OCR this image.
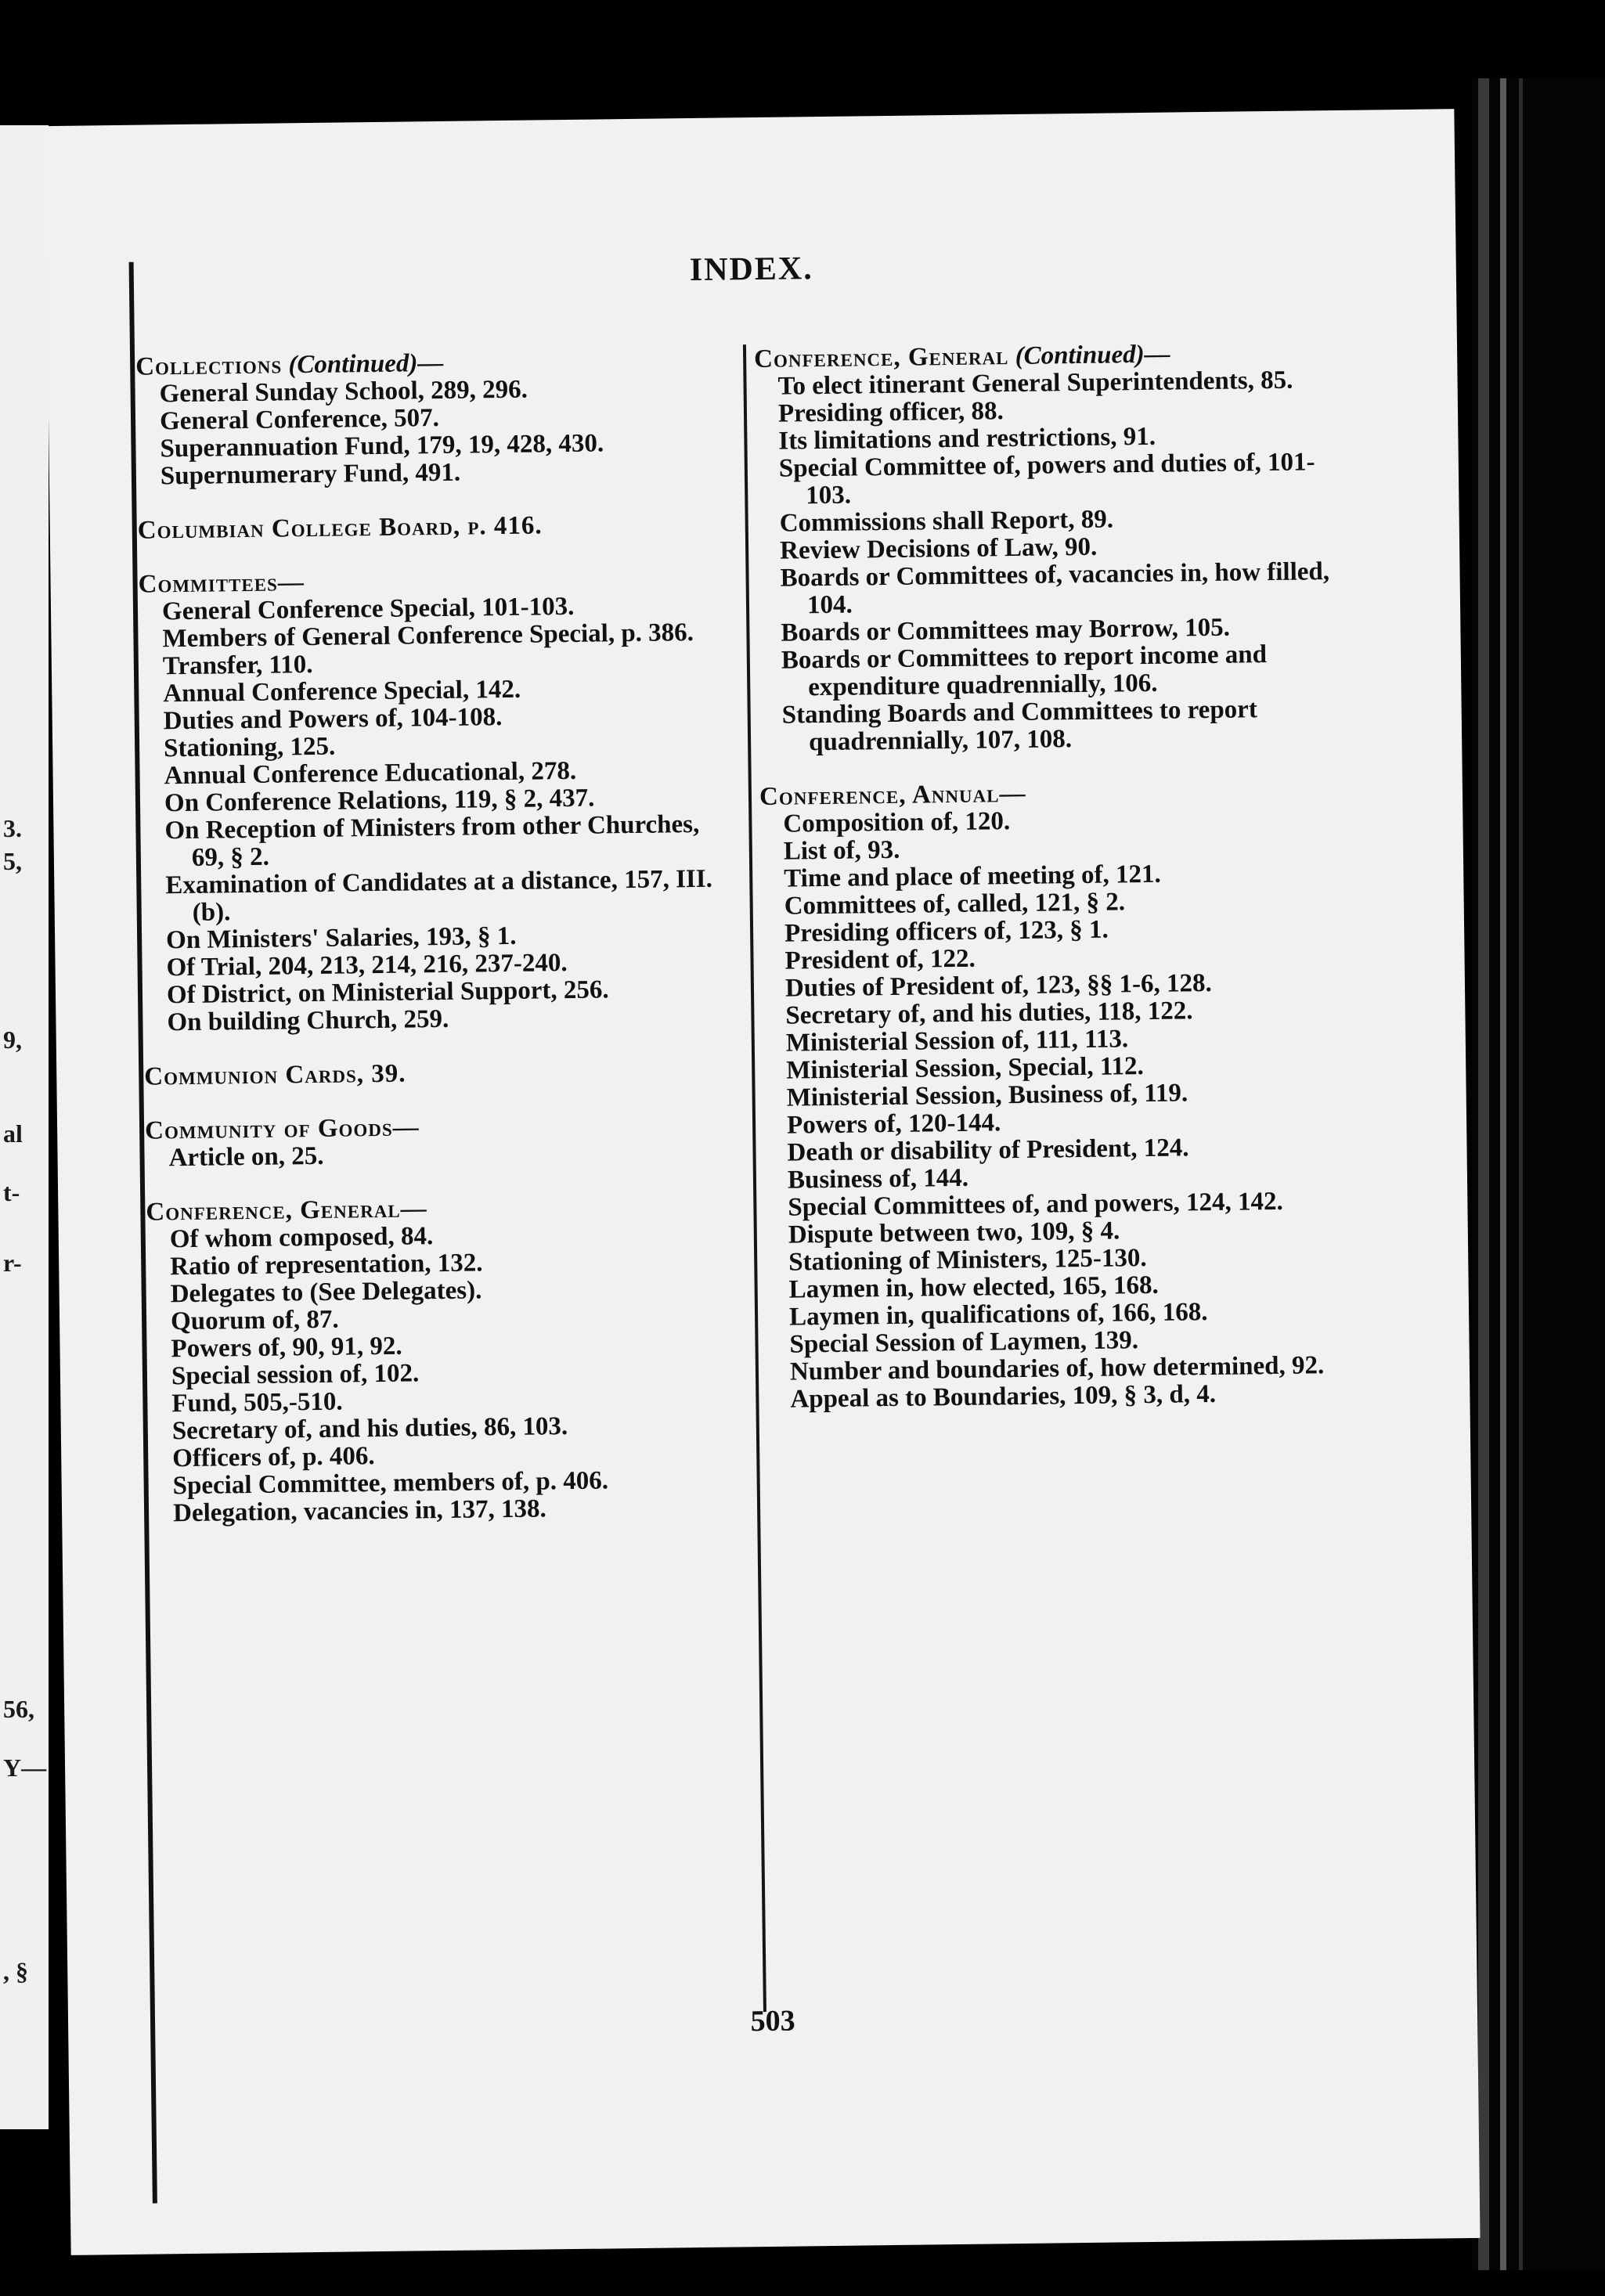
3.
5,
9,
al
t-
r-
56,
Y—
, §
INDEX.
Collections (Continued)—
General Sunday School, 289, 296.
General Conference, 507.
Superannuation Fund, 179, 19, 428, 430.
Supernumerary Fund, 491.
Columbian College Board, p. 416.
Committees—
General Conference Special, 101-103.
Members of General Conference Special, p. 386.
Transfer, 110.
Annual Conference Special, 142.
Duties and Powers of, 104-108.
Stationing, 125.
Annual Conference Educational, 278.
On Conference Relations, 119, § 2, 437.
On Reception of Ministers from other Churches, 69, § 2.
Examination of Candidates at a distance, 157, III. (b).
On Ministers' Salaries, 193, § 1.
Of Trial, 204, 213, 214, 216, 237-240.
Of District, on Ministerial Support, 256.
On building Church, 259.
Communion Cards, 39.
Community of Goods—
Article on, 25.
Conference, General—
Of whom composed, 84.
Ratio of representation, 132.
Delegates to (See Delegates).
Quorum of, 87.
Powers of, 90, 91, 92.
Special session of, 102.
Fund, 505,-510.
Secretary of, and his duties, 86, 103.
Officers of, p. 406.
Special Committee, members of, p. 406.
Delegation, vacancies in, 137, 138.
Conference, General (Continued)—
To elect itinerant General Superintendents, 85.
Presiding officer, 88.
Its limitations and restrictions, 91.
Special Committee of, powers and duties of, 101-103.
Commissions shall Report, 89.
Review Decisions of Law, 90.
Boards or Committees of, vacancies in, how filled, 104.
Boards or Committees may Borrow, 105.
Boards or Committees to report income and expenditure quadrennially, 106.
Standing Boards and Committees to report quadrennially, 107, 108.
Conference, Annual—
Composition of, 120.
List of, 93.
Time and place of meeting of, 121.
Committees of, called, 121, § 2.
Presiding officers of, 123, § 1.
President of, 122.
Duties of President of, 123, §§ 1-6, 128.
Secretary of, and his duties, 118, 122.
Ministerial Session of, 111, 113.
Ministerial Session, Special, 112.
Ministerial Session, Business of, 119.
Powers of, 120-144.
Death or disability of President, 124.
Business of, 144.
Special Committees of, and powers, 124, 142.
Dispute between two, 109, § 4.
Stationing of Ministers, 125-130.
Laymen in, how elected, 165, 168.
Laymen in, qualifications of, 166, 168.
Special Session of Laymen, 139.
Number and boundaries of, how determined, 92.
Appeal as to Boundaries, 109, § 3, d, 4.
503
